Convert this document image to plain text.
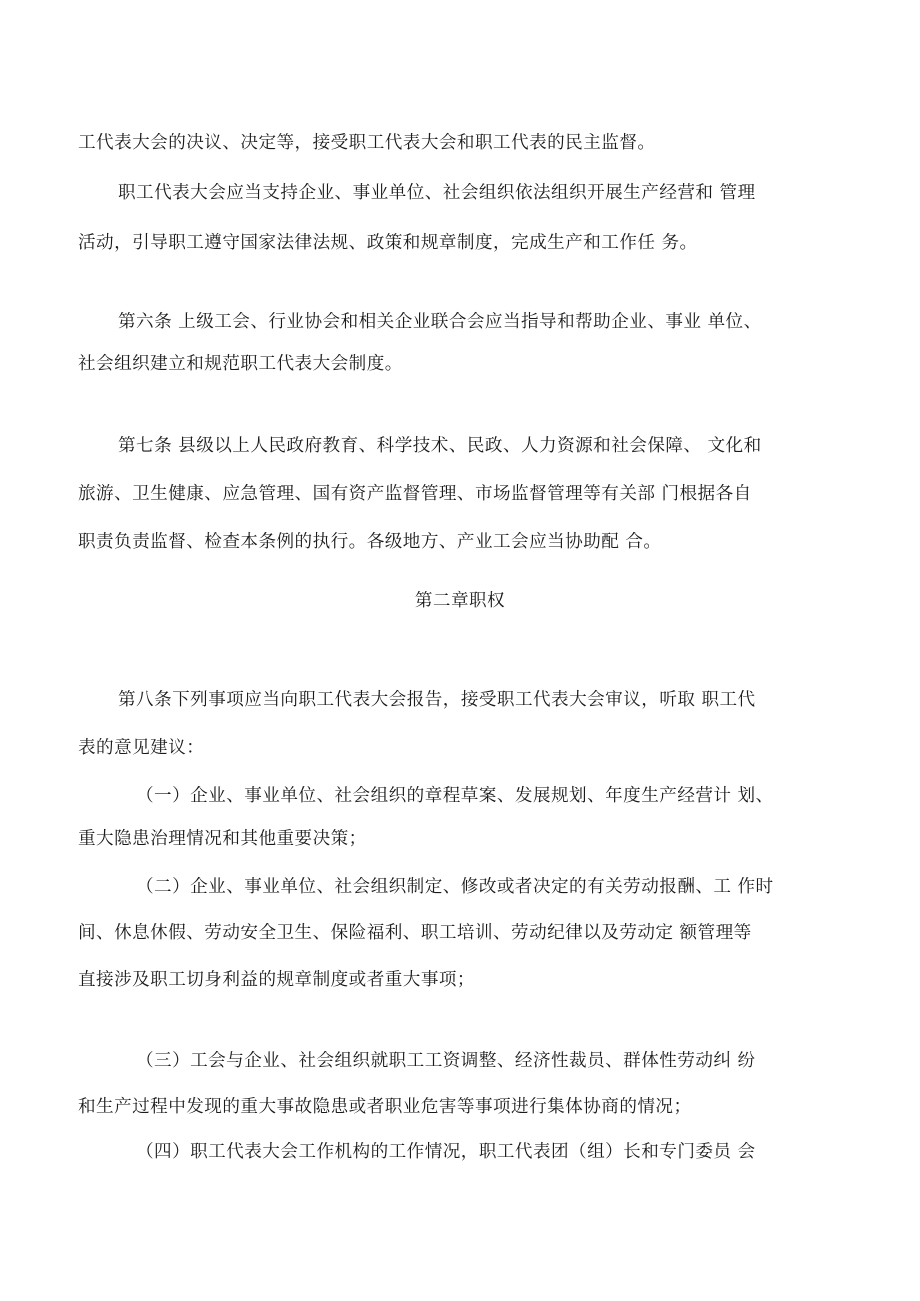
工代表大会的决议、决定等，接受职工代表大会和职工代表的民主监督。
职工代表大会应当支持企业、事业单位、社会组织依法组织开展生产经营和 管理
活动，引导职工遵守国家法律法规、政策和规章制度，完成生产和工作任 务。
第六条 上级工会、行业协会和相关企业联合会应当指导和帮助企业、事业 单位、
社会组织建立和规范职工代表大会制度。
第七条 县级以上人民政府教育、科学技术、民政、人力资源和社会保障、 文化和
旅游、卫生健康、应急管理、国有资产监督管理、市场监督管理等有关部 门根据各自
职责负责监督、检查本条例的执行。各级地方、产业工会应当协助配 合。
第二章职权
第八条下列事项应当向职工代表大会报告，接受职工代表大会审议，听取 职工代
表的意见建议：
（一）企业、事业单位、社会组织的章程草案、发展规划、年度生产经营计 划、
重大隐患治理情况和其他重要决策；
（二）企业、事业单位、社会组织制定、修改或者决定的有关劳动报酬、工 作时
间、休息休假、劳动安全卫生、保险福利、职工培训、劳动纪律以及劳动定 额管理等
直接涉及职工切身利益的规章制度或者重大事项；
（三）工会与企业、社会组织就职工工资调整、经济性裁员、群体性劳动纠 纷
和生产过程中发现的重大事故隐患或者职业危害等事项进行集体协商的情况；
（四）职工代表大会工作机构的工作情况，职工代表团（组）长和专门委员 会
